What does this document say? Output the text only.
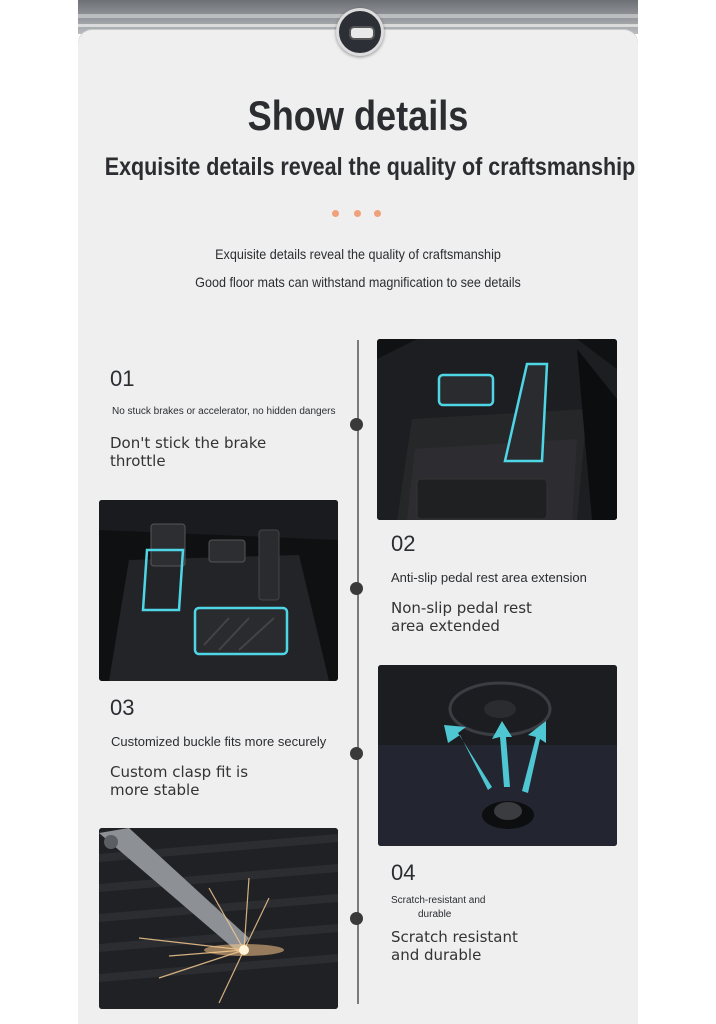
Show details
Exquisite details reveal the quality of craftsmanship
Exquisite details reveal the quality of craftsmanship
Good floor mats can withstand magnification to see details
01
No stuck brakes or accelerator, no hidden dangers
Don't stick the brake throttle
02
Anti-slip pedal rest area extension
Non-slip pedal rest area extended
03
Customized buckle fits more securely
Custom clasp fit is more stable
04
Scratch-resistant and
durable
Scratch resistant and durable
